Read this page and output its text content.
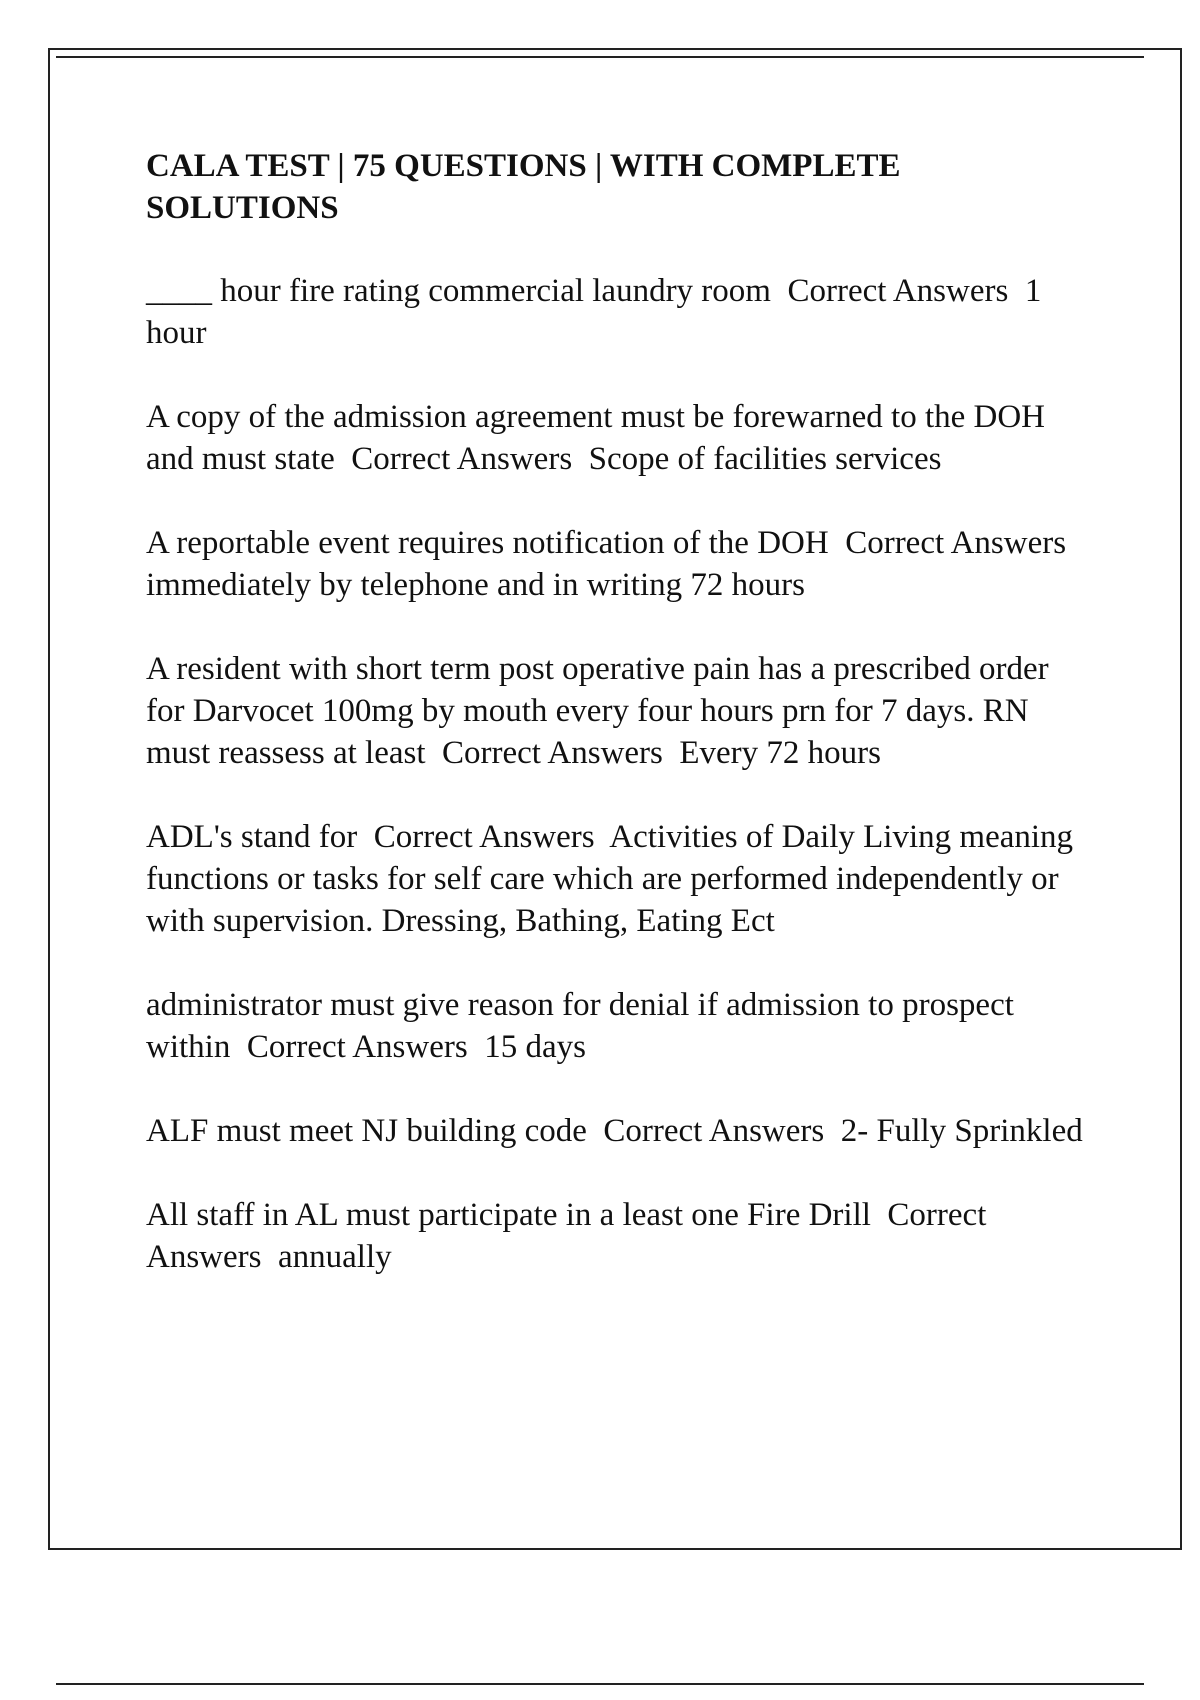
CALA TEST | 75 QUESTIONS | WITH COMPLETE SOLUTIONS

____ hour fire rating commercial laundry room  Correct Answers  1 hour

A copy of the admission agreement must be forewarned to the DOH and must state  Correct Answers  Scope of facilities services

A reportable event requires notification of the DOH  Correct Answers  immediately by telephone and in writing 72 hours

A resident with short term post operative pain has a prescribed order for Darvocet 100mg by mouth every four hours prn for 7 days. RN must reassess at least  Correct Answers  Every 72 hours

ADL's stand for  Correct Answers  Activities of Daily Living meaning functions or tasks for self care which are performed independently or with supervision. Dressing, Bathing, Eating Ect

administrator must give reason for denial if admission to prospect within  Correct Answers  15 days

ALF must meet NJ building code  Correct Answers  2- Fully Sprinkled

All staff in AL must participate in a least one Fire Drill  Correct Answers  annually
